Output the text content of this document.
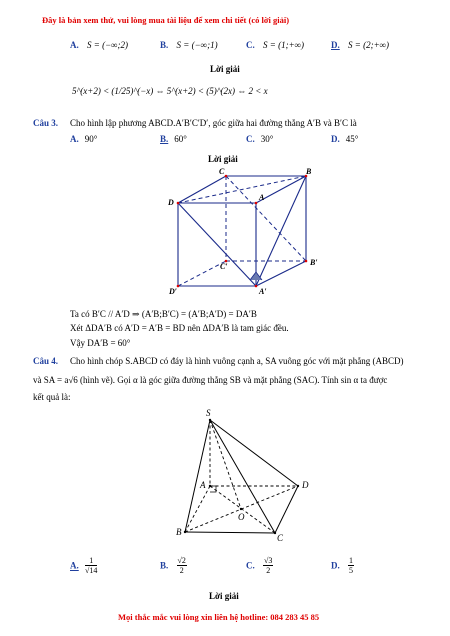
Đây là bản xem thử, vui lòng mua tài liệu để xem chi tiết (có lời giải)
A. S = (−∞;2)	B. S = (−∞;1)	C. S = (1;+∞)	D. S = (2;+∞)
Lời giải
5^(x+2) < (1/25)^(−x) ⇔ 5^(x+2) < (5)^(2x) ⇔ 2 < x
Câu 3. Cho hình lập phương ABCD.A′B′C′D′, góc giữa hai đường thẳng A′B và B′C là
A. 90°	B. 60°	C. 30°	D. 45°
Lời giải
C	B
D
A
C′	B′
D′	A′
Ta có B′C // A′D ⇒ (A′B;B′C) = (A′B;A′D) = DA′B
Xét ΔDA′B có A′D = A′B = BD nên ΔDA′B là tam giác đều.
Vậy DA′B = 60°
Câu 4. Cho hình chóp S.ABCD có đáy là hình vuông cạnh a, SA vuông góc với mặt phẳng (ABCD)
và SA = a√6 (hình vẽ). Gọi α là góc giữa đường thẳng SB và mặt phẳng (SAC). Tính sin α ta được
kết quả là:
S
A	D
O
B
C
A. $\frac{1}{√14}$	B. $\frac{√2}{2}$	C. $\frac{√3}{2}$	D. $\frac{1}{5}$
Lời giải
Mọi thắc mắc vui lòng xin liên hệ hotline: 084 283 45 85
